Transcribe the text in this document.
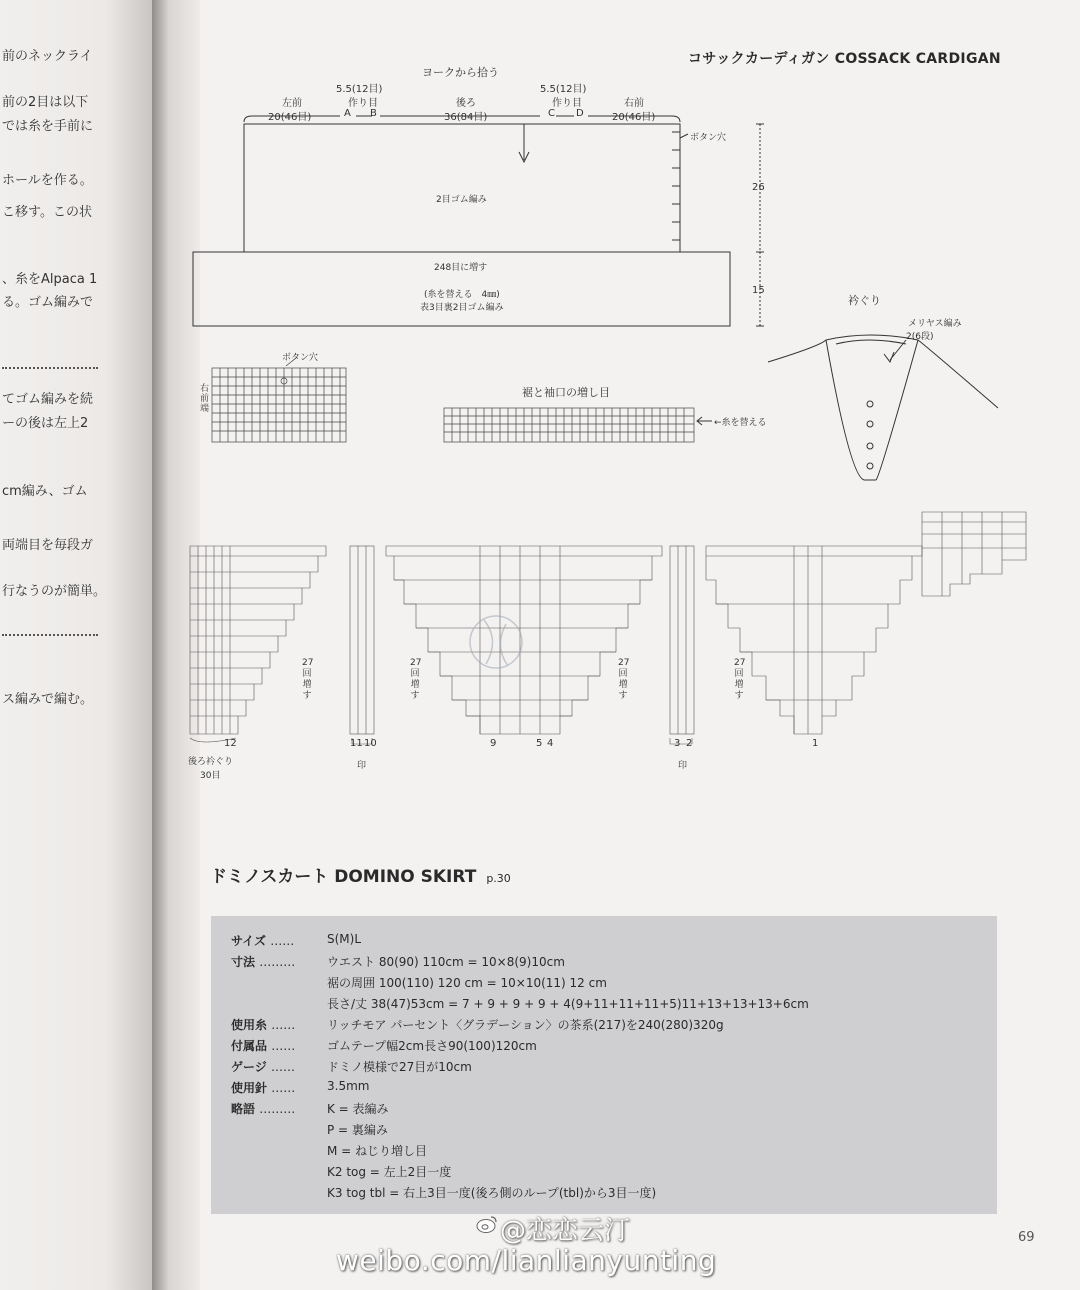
前のネックライ
前の2目は以下
では糸を手前に
ホールを作る。
こ移す。この状
、糸をAlpaca 1
る。ゴム編みで
てゴム編みを続
ーの後は左上2
cm編み、ゴム
両端目を毎段ガ
行なうのが簡単。
ス編みで編む。
コサックカーディガン COSSACK CARDIGAN
ヨークから拾う
左前
20(46目)
5.5(12目)
作り目
A B
後ろ
36(84目)
5.5(12目)
作り目
C D
右前
20(46目)
ボタン穴
2目ゴム編み
26
248目に増す
(糸を替える　4㎜)
表3目裏2目ゴム編み
15
衿ぐり
メリヤス編み
2(6段)
ボタン穴
右前端
裾と袖口の増し目
←糸を替える
27回増す
27回増す
27回増す
27回増す
12
後ろ衿ぐり
30目
11 10
印
9	5 4	3 2
印
1
ドミノスカート DOMINO SKIRT p.30
サイズ ……	S(M)L
寸法 ………	ウエスト 80(90) 110cm = 10×8(9)10cm
裾の周囲 100(110) 120 cm = 10×10(11) 12 cm
長さ/丈 38(47)53cm = 7 + 9 + 9 + 9 + 4(9+11+11+11+5)11+13+13+13+6cm
使用糸 ……	リッチモア パーセント〈グラデーション〉の茶系(217)を240(280)320g
付属品 ……	ゴムテープ幅2cm長さ90(100)120cm
ゲージ ……	ドミノ模様で27目が10cm
使用針 ……	3.5mm
略語 ………	K = 表編み
P = 裏編み
M = ねじり増し目
K2 tog = 左上2目一度
K3 tog tbl = 右上3目一度(後ろ側のループ(tbl)から3目一度)
69
@恋恋云汀
weibo.com/lianlianyunting
